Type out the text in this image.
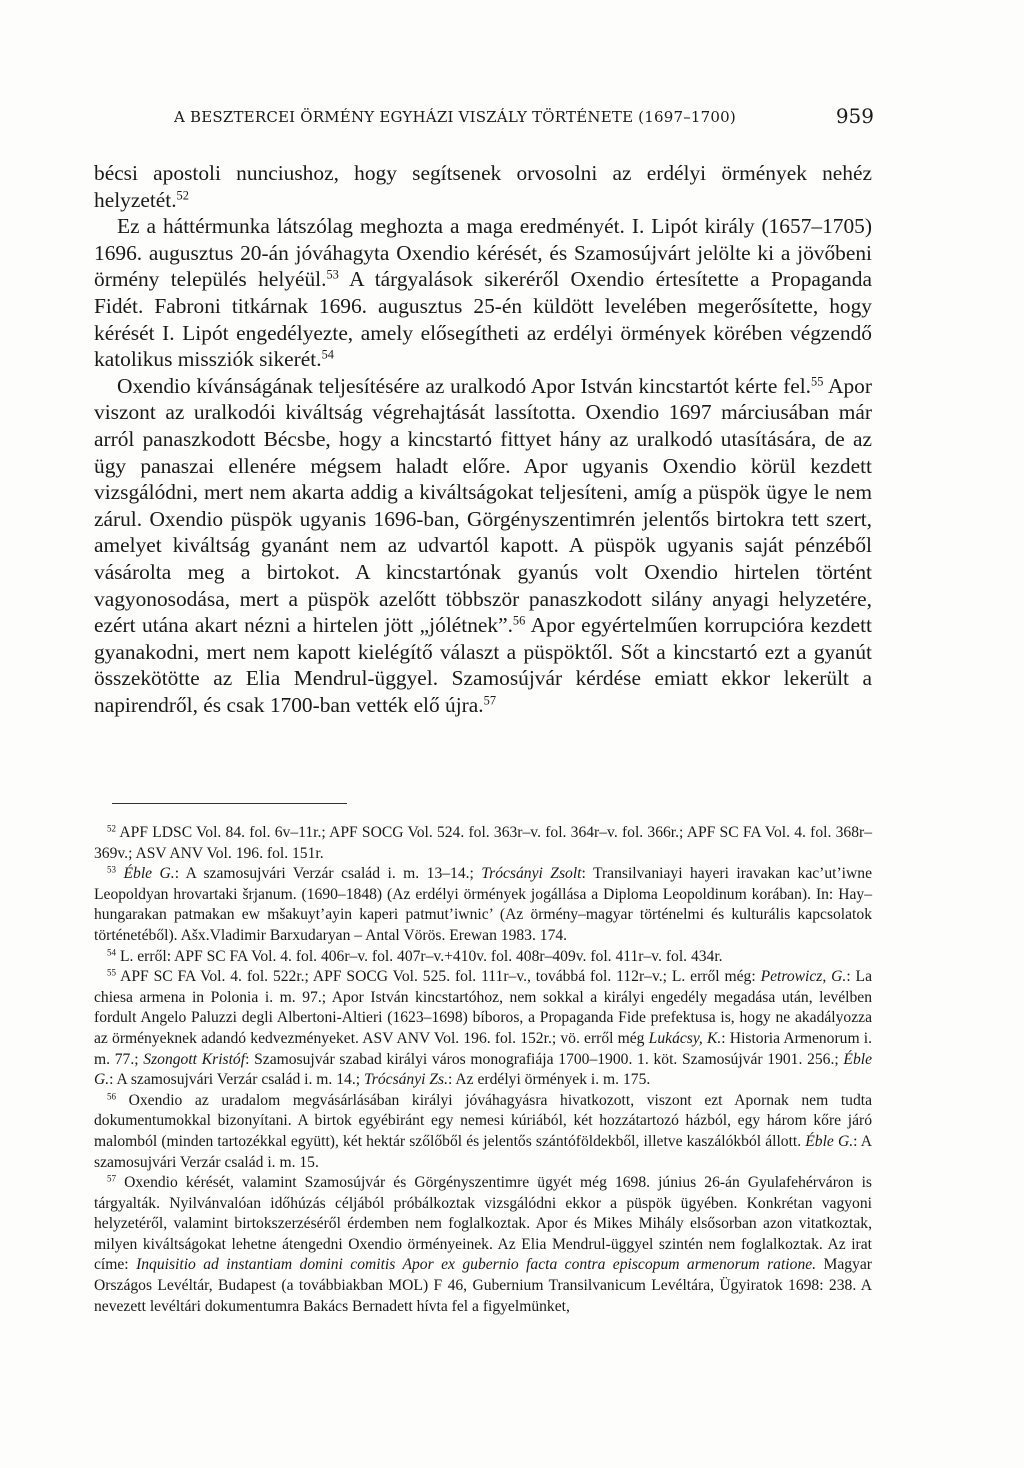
A BESZTERCEI ÖRMÉNY EGYHÁZI VISZÁLY TÖRTÉNETE (1697–1700)	959

bécsi apostoli nunciushoz, hogy segítsenek orvosolni az erdélyi örmények nehéz helyzetét.$^{52}$

Ez a háttérmunka látszólag meghozta a maga eredményét. I. Lipót király (1657–1705) 1696. augusztus 20-án jóváhagyta Oxendio kérését, és Szamosújvárt jelölte ki a jövőbeni örmény település helyéül.$^{53}$ A tárgyalások sikeréről Oxendio értesítette a Propaganda Fidét. Fabroni titkárnak 1696. augusztus 25-én küldött levelében megerősítette, hogy kérését I. Lipót engedélyezte, amely elősegítheti az erdélyi örmények körében végzendő katolikus missziók sikerét.$^{54}$

Oxendio kívánságának teljesítésére az uralkodó Apor István kincstartót kérte fel.$^{55}$ Apor viszont az uralkodói kiváltság végrehajtását lassította. Oxendio 1697 márciusában már arról panaszkodott Bécsbe, hogy a kincstartó fittyet hány az uralkodó utasítására, de az ügy panaszai ellenére mégsem haladt előre. Apor ugyanis Oxendio körül kezdett vizsgálódni, mert nem akarta addig a kiváltságokat teljesíteni, amíg a püspök ügye le nem zárul. Oxendio püspök ugyanis 1696-ban, Görgényszentimrén jelentős birtokra tett szert, amelyet kiváltság gyanánt nem az udvartól kapott. A püspök ugyanis saját pénzéből vásárolta meg a birtokot. A kincstartónak gyanús volt Oxendio hirtelen történt vagyonosodása, mert a püspök azelőtt többször panaszkodott silány anyagi helyzetére, ezért utána akart nézni a hirtelen jött „jólétnek”.$^{56}$ Apor egyértelműen korrupcióra kezdett gyanakodni, mert nem kapott kielégítő választ a püspöktől. Sőt a kincstartó ezt a gyanút összekötötte az Elia Mendrul-üggyel. Szamosújvár kérdése emiatt ekkor lekerült a napirendről, és csak 1700-ban vették elő újra.$^{57}$

$^{52}$ APF LDSC Vol. 84. fol. 6v–11r.; APF SOCG Vol. 524. fol. 363r–v. fol. 364r–v. fol. 366r.; APF SC FA Vol. 4. fol. 368r–369v.; ASV ANV Vol. 196. fol. 151r.

$^{53}$ Éble G.: A szamosujvári Verzár család i. m. 13–14.; Trócsányi Zsolt: Transilvaniayi hayeri iravakan kac’ut’iwne Leopoldyan hrovartaki šrjanum. (1690–1848) (Az erdélyi örmények jogállása a Diploma Leopoldinum korában). In: Hay–hungarakan patmakan ew mšakuyt’ayin kaperi patmut’iwnic’ (Az örmény–magyar történelmi és kulturális kapcsolatok történetéből). Ašx.Vladimir Barxudaryan – Antal Vörös. Erewan 1983. 174.

$^{54}$ L. erről: APF SC FA Vol. 4. fol. 406r–v. fol. 407r–v.+410v. fol. 408r–409v. fol. 411r–v. fol. 434r.

$^{55}$ APF SC FA Vol. 4. fol. 522r.; APF SOCG Vol. 525. fol. 111r–v., továbbá fol. 112r–v.; L. erről még: Petrowicz, G.: La chiesa armena in Polonia i. m. 97.; Apor István kincstartóhoz, nem sokkal a királyi engedély megadása után, levélben fordult Angelo Paluzzi degli Albertoni-Altieri (1623–1698) bíboros, a Propaganda Fide prefektusa is, hogy ne akadályozza az örményeknek adandó kedvezményeket. ASV ANV Vol. 196. fol. 152r.; vö. erről még Lukácsy, K.: Historia Armenorum i. m. 77.; Szongott Kristóf: Szamosujvár szabad királyi város monografiája 1700–1900. 1. köt. Szamosújvár 1901. 256.; Éble G.: A szamosujvári Verzár család i. m. 14.; Trócsányi Zs.: Az erdélyi örmények i. m. 175.

$^{56}$ Oxendio az uradalom megvásárlásában királyi jóváhagyásra hivatkozott, viszont ezt Apornak nem tudta dokumentumokkal bizonyítani. A birtok egyébiránt egy nemesi kúriából, két hozzátartozó házból, egy három kőre járó malomból (minden tartozékkal együtt), két hektár szőlőből és jelentős szántóföldekből, illetve kaszálókból állott. Éble G.: A szamosujvári Verzár család i. m. 15.

$^{57}$ Oxendio kérését, valamint Szamosújvár és Görgényszentimre ügyét még 1698. június 26-án Gyulafehérváron is tárgyalták. Nyilvánvalóan időhúzás céljából próbálkoztak vizsgálódni ekkor a püspök ügyében. Konkrétan vagyoni helyzetéről, valamint birtokszerzéséről érdemben nem foglalkoztak. Apor és Mikes Mihály elsősorban azon vitatkoztak, milyen kiváltságokat lehetne átengedni Oxendio örményeinek. Az Elia Mendrul-üggyel szintén nem foglalkoztak. Az irat címe: Inquisitio ad instantiam domini comitis Apor ex gubernio facta contra episcopum armenorum ratione. Magyar Országos Levéltár, Budapest (a továbbiakban MOL) F 46, Gubernium Transilvanicum Levéltára, Ügyiratok 1698: 238. A nevezett levéltári dokumentumra Bakács Bernadett hívta fel a figyelmünket,
